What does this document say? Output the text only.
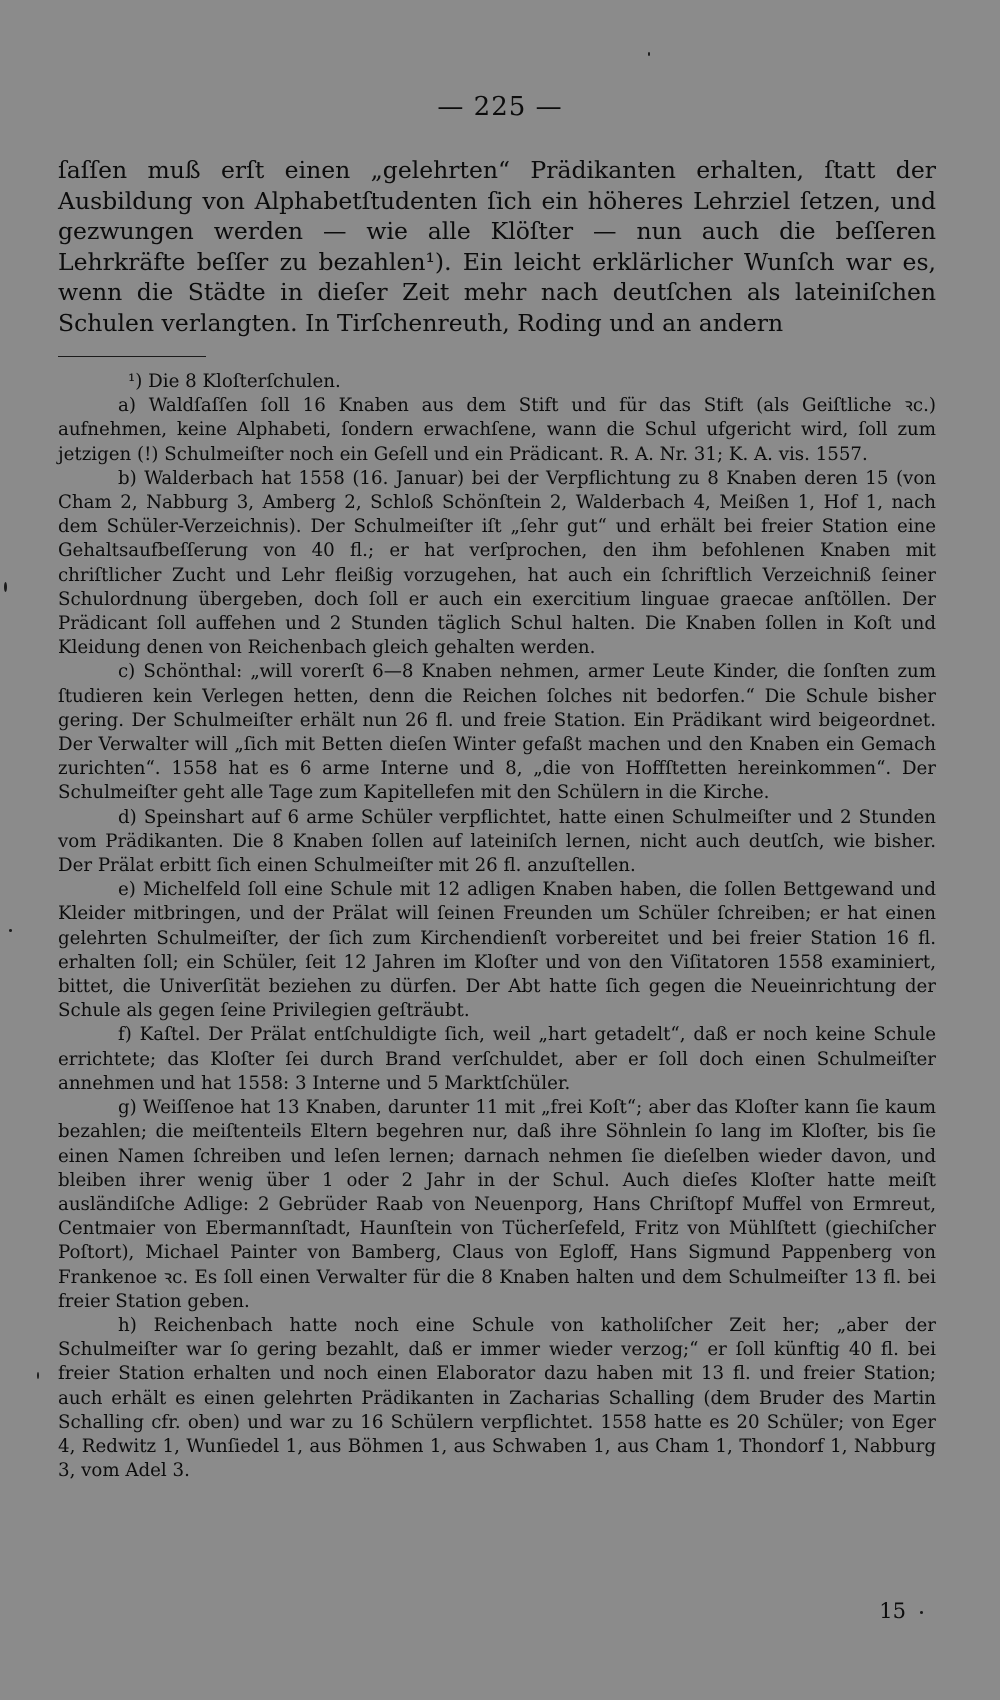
— 225 —

ſaſſen muß erſt einen „gelehrten“ Prädikanten erhalten, ſtatt der Ausbildung von Alphabetſtudenten ſich ein höheres Lehrziel ſetzen, und gezwungen werden — wie alle Klöſter — nun auch die beſſeren Lehrkräfte beſſer zu bezahlen¹). Ein leicht erklärlicher Wunſch war es, wenn die Städte in dieſer Zeit mehr nach deutſchen als lateiniſchen Schulen verlangten. In Tirſchenreuth, Roding und an andern

¹) Die 8 Kloſterſchulen.

a) Waldſaſſen ſoll 16 Knaben aus dem Stift und für das Stift (als Geiſtliche ꝛc.) aufnehmen, keine Alphabeti, ſondern erwachſene, wann die Schul ufgericht wird, ſoll zum jetzigen (!) Schulmeiſter noch ein Geſell und ein Prädicant. R. A. Nr. 31; K. A. vis. 1557.

b) Walderbach hat 1558 (16. Januar) bei der Verpflichtung zu 8 Knaben deren 15 (von Cham 2, Nabburg 3, Amberg 2, Schloß Schönſtein 2, Walderbach 4, Meißen 1, Hof 1, nach dem Schüler-Verzeichnis). Der Schulmeiſter iſt „ſehr gut“ und erhält bei freier Station eine Gehaltsaufbeſſerung von 40 fl.; er hat verſprochen, den ihm befohlenen Knaben mit chriſtlicher Zucht und Lehr fleißig vorzugehen, hat auch ein ſchriftlich Verzeichniß ſeiner Schulordnung übergeben, doch ſoll er auch ein exercitium linguae graecae anſtöllen. Der Prädicant ſoll auffehen und 2 Stunden täglich Schul halten. Die Knaben ſollen in Koſt und Kleidung denen von Reichenbach gleich gehalten werden.

c) Schönthal: „will vorerſt 6—8 Knaben nehmen, armer Leute Kinder, die ſonſten zum ſtudieren kein Verlegen hetten, denn die Reichen ſolches nit bedorfen.“ Die Schule bisher gering. Der Schulmeiſter erhält nun 26 fl. und freie Station. Ein Prädikant wird beigeordnet. Der Verwalter will „ſich mit Betten dieſen Winter gefaßt machen und den Knaben ein Gemach zurichten“. 1558 hat es 6 arme Interne und 8, „die von Hoffſtetten hereinkommen“. Der Schulmeiſter geht alle Tage zum Kapitellefen mit den Schülern in die Kirche.

d) Speinshart auf 6 arme Schüler verpflichtet, hatte einen Schulmeiſter und 2 Stunden vom Prädikanten. Die 8 Knaben ſollen auf lateiniſch lernen, nicht auch deutſch, wie bisher. Der Prälat erbitt ſich einen Schulmeiſter mit 26 fl. anzuſtellen.

e) Michelfeld ſoll eine Schule mit 12 adligen Knaben haben, die ſollen Bettgewand und Kleider mitbringen, und der Prälat will ſeinen Freunden um Schüler ſchreiben; er hat einen gelehrten Schulmeiſter, der ſich zum Kirchendienſt vorbereitet und bei freier Station 16 fl. erhalten ſoll; ein Schüler, ſeit 12 Jahren im Kloſter und von den Viſitatoren 1558 examiniert, bittet, die Univerſität beziehen zu dürfen. Der Abt hatte ſich gegen die Neueinrichtung der Schule als gegen ſeine Privilegien geſträubt.

f) Kaſtel. Der Prälat entſchuldigte ſich, weil „hart getadelt“, daß er noch keine Schule errichtete; das Kloſter ſei durch Brand verſchuldet, aber er ſoll doch einen Schulmeiſter annehmen und hat 1558: 3 Interne und 5 Marktſchüler.

g) Weiſſenoe hat 13 Knaben, darunter 11 mit „frei Koſt“; aber das Kloſter kann ſie kaum bezahlen; die meiſtenteils Eltern begehren nur, daß ihre Söhnlein ſo lang im Kloſter, bis ſie einen Namen ſchreiben und leſen lernen; darnach nehmen ſie dieſelben wieder davon, und bleiben ihrer wenig über 1 oder 2 Jahr in der Schul. Auch dieſes Kloſter hatte meiſt ausländiſche Adlige: 2 Gebrüder Raab von Neuenporg, Hans Chriſtopf Muffel von Ermreut, Centmaier von Ebermannſtadt, Haunſtein von Tücherſefeld, Fritz von Mühlſtett (giechiſcher Poſtort), Michael Painter von Bamberg, Claus von Egloff, Hans Sigmund Pappenberg von Frankenoe ꝛc. Es ſoll einen Verwalter für die 8 Knaben halten und dem Schulmeiſter 13 fl. bei freier Station geben.

h) Reichenbach hatte noch eine Schule von katholiſcher Zeit her; „aber der Schulmeiſter war ſo gering bezahlt, daß er immer wieder verzog;“ er ſoll künftig 40 fl. bei freier Station erhalten und noch einen Elaborator dazu haben mit 13 fl. und freier Station; auch erhält es einen gelehrten Prädikanten in Zacharias Schalling (dem Bruder des Martin Schalling cfr. oben) und war zu 16 Schülern verpflichtet. 1558 hatte es 20 Schüler; von Eger 4, Redwitz 1, Wunſiedel 1, aus Böhmen 1, aus Schwaben 1, aus Cham 1, Thondorf 1, Nabburg 3, vom Adel 3.

15
